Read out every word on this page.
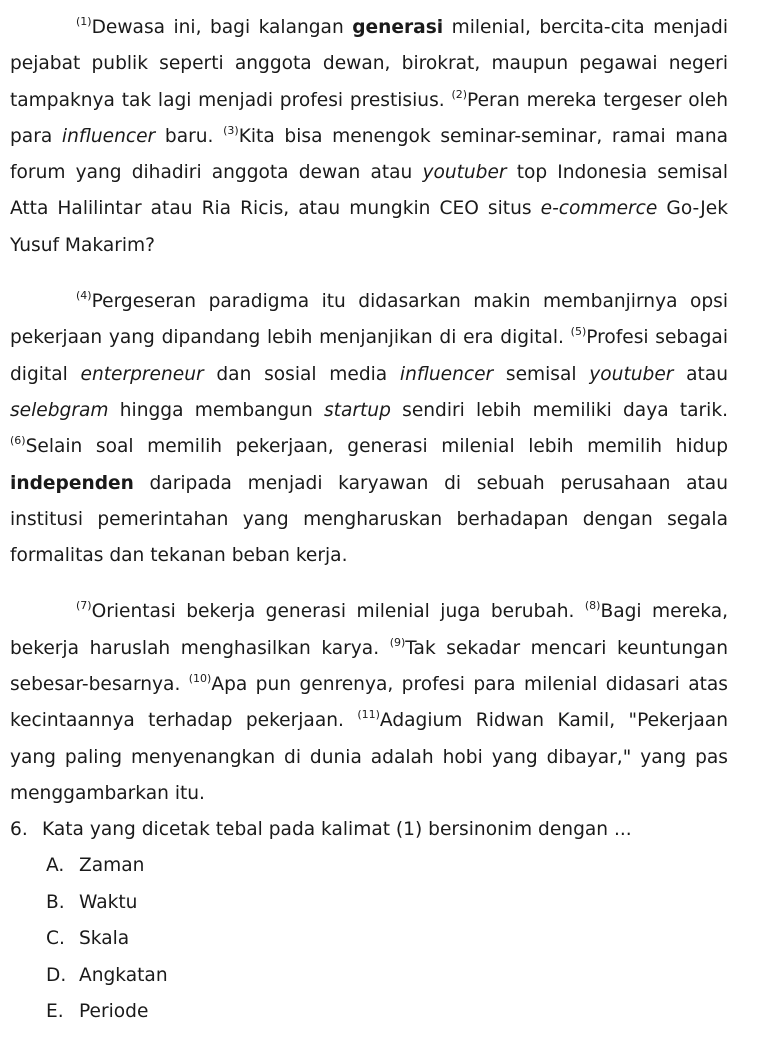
$^{(1)}$Dewasa ini, bagi kalangan generasi milenial, bercita-cita menjadi pejabat publik seperti anggota dewan, birokrat, maupun pegawai negeri tampaknya tak lagi menjadi profesi prestisius. $^{(2)}$Peran mereka tergeser oleh para influencer baru. $^{(3)}$Kita bisa menengok seminar-seminar, ramai mana forum yang dihadiri anggota dewan atau youtuber top Indonesia semisal Atta Halilintar atau Ria Ricis, atau mungkin CEO situs e-commerce Go-Jek Yusuf Makarim?

$^{(4)}$Pergeseran paradigma itu didasarkan makin membanjirnya opsi pekerjaan yang dipandang lebih menjanjikan di era digital. $^{(5)}$Profesi sebagai digital enterpreneur dan sosial media influencer semisal youtuber atau selebgram hingga membangun startup sendiri lebih memiliki daya tarik. $^{(6)}$Selain soal memilih pekerjaan, generasi milenial lebih memilih hidup independen daripada menjadi karyawan di sebuah perusahaan atau institusi pemerintahan yang mengharuskan berhadapan dengan segala formalitas dan tekanan beban kerja.

$^{(7)}$Orientasi bekerja generasi milenial juga berubah. $^{(8)}$Bagi mereka, bekerja haruslah menghasilkan karya. $^{(9)}$Tak sekadar mencari keuntungan sebesar-besarnya. $^{(10)}$Apa pun genrenya, profesi para milenial didasari atas kecintaannya terhadap pekerjaan. $^{(11)}$Adagium Ridwan Kamil, "Pekerjaan yang paling menyenangkan di dunia adalah hobi yang dibayar," yang pas menggambarkan itu.

6. Kata yang dicetak tebal pada kalimat (1) bersinonim dengan ...
A. Zaman
B. Waktu
C. Skala
D. Angkatan
E. Periode
